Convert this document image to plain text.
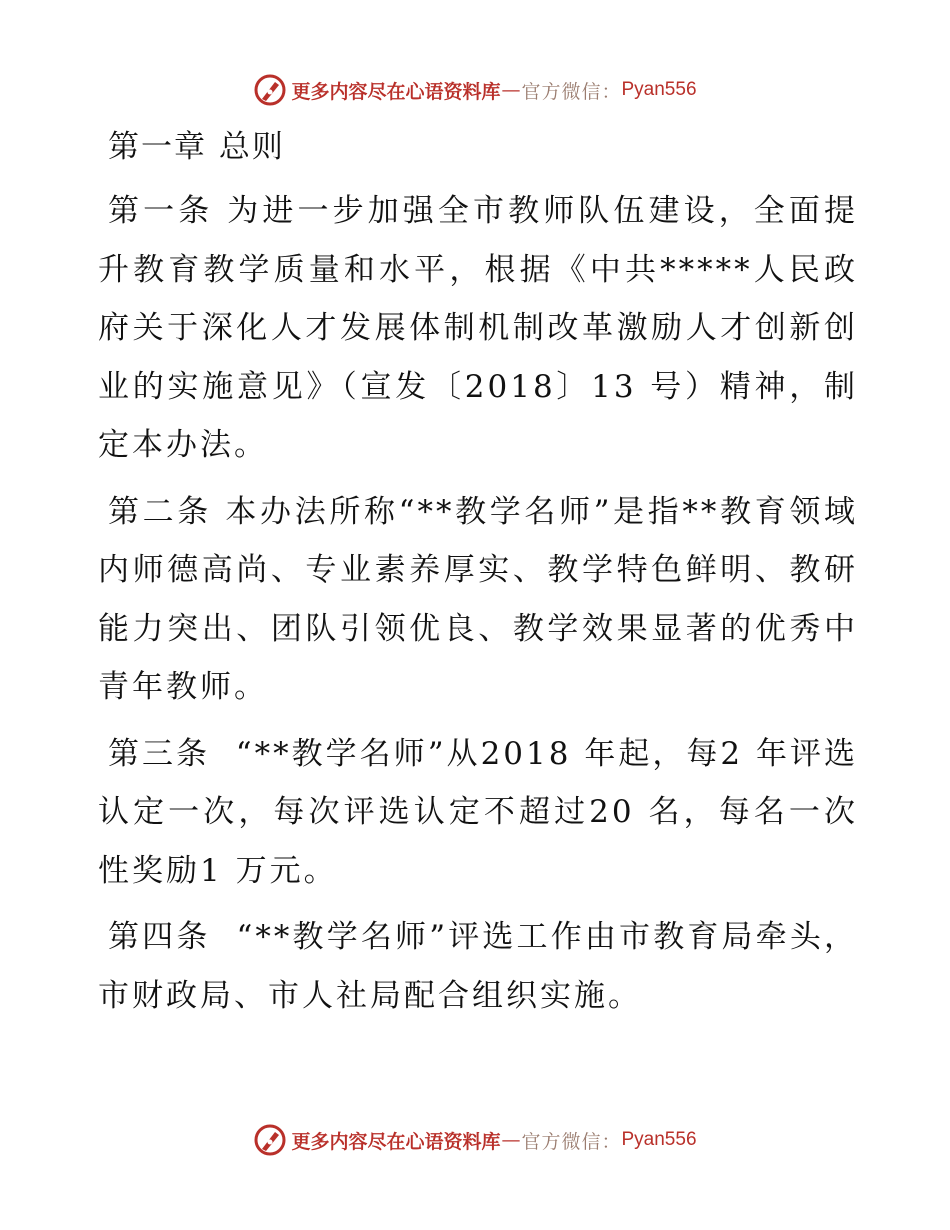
更多内容尽在心语资料库 — 官方微信： Pyan556
第一章 总则

第一条 为进一步加强全市教师队伍建设，全面提升教育教学质量和水平，根据《中共*****人民政府关于深化人才发展体制机制改革激励人才创新创业的实施意见》（宣发〔2018〕13 号）精神，制定本办法。

第二条 本办法所称“**教学名师”是指**教育领域内师德高尚、专业素养厚实、教学特色鲜明、教研能力突出、团队引领优良、教学效果显著的优秀中青年教师。

第三条 “**教学名师”从2018 年起，每2 年评选认定一次，每次评选认定不超过20 名，每名一次性奖励1 万元。

第四条 “**教学名师”评选工作由市教育局牵头，市财政局、市人社局配合组织实施。

更多内容尽在心语资料库 — 官方微信： Pyan556
